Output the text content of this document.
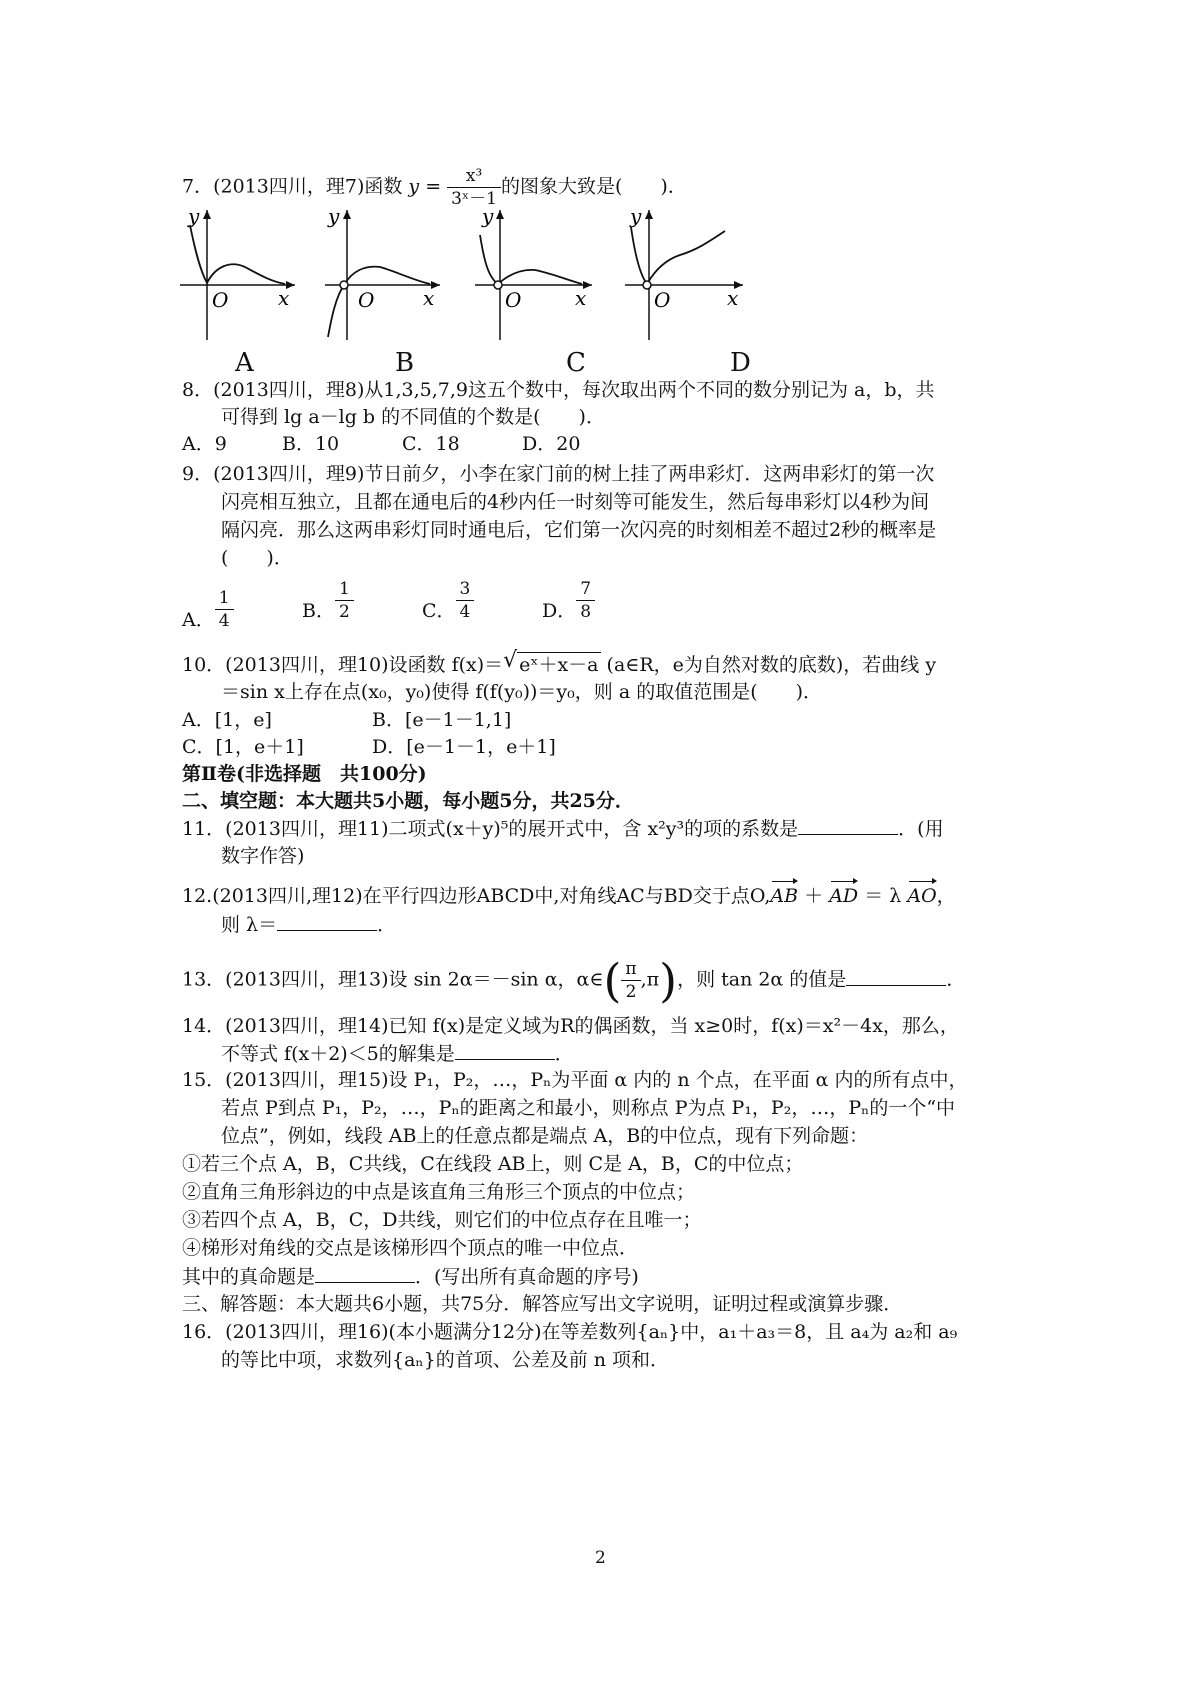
7．(2013四川，理7)函数 $y = \frac{\text{x³}}{\text{3ˣ－1}}$ 的图象大致是(　　)．
y
x
O
y
x
O
y
x
O
y
x
O
A	B	C	D
8．(2013四川，理8)从1,3,5,7,9这五个数中，每次取出两个不同的数分别记为 a，b，共
可得到 lg a－lg b 的不同值的个数是(　　)．
A．9	B．10	C．18	D．20
9．(2013四川，理9)节日前夕，小李在家门前的树上挂了两串彩灯．这两串彩灯的第一次
闪亮相互独立，且都在通电后的4秒内任一时刻等可能发生，然后每串彩灯以4秒为间
隔闪亮．那么这两串彩灯同时通电后，它们第一次闪亮的时刻相差不超过2秒的概率是
(　　)．
A． $\frac{1}{4}$	B． $\frac{1}{2}$	C． $\frac{3}{4}$	D． $\frac{7}{8}$
10．(2013四川，理10)设函数 f(x)＝ √ eˣ＋x－a (a∈R，e为自然对数的底数)，若曲线 y
＝sin x上存在点(x₀，y₀)使得 f(f(y₀))＝y₀，则 a 的取值范围是(　　)．
A．[1，e]	B．[e－1－1,1]
C．[1，e＋1]	D．[e－1－1，e＋1]
第Ⅱ卷(非选择题　共100分)
二、填空题：本大题共5小题，每小题5分，共25分．
11．(2013四川，理11)二项式(x＋y)⁵的展开式中，含 x²y³的项的系数是	．(用
数字作答)
12.(2013四川,理12)在平行四边形ABCD中,对角线AC与BD交于点O,AB ＋ AD ＝ λ AO，
则 λ＝	．
13．(2013四川，理13)设 sin 2α＝－sin α，α∈( $\frac{\pi}{2} ,\pi$)，则 tan 2α 的值是	．
14．(2013四川，理14)已知 f(x)是定义域为R的偶函数，当 x≥0时，f(x)＝x²－4x，那么，
不等式 f(x＋2)＜5的解集是	．
15．(2013四川，理15)设 P₁，P₂，…，Pₙ为平面 α 内的 n 个点，在平面 α 内的所有点中，
若点 P到点 P₁，P₂，…，Pₙ的距离之和最小，则称点 P为点 P₁，P₂，…，Pₙ的一个“中
位点”，例如，线段 AB上的任意点都是端点 A，B的中位点，现有下列命题：
①若三个点 A，B，C共线，C在线段 AB上，则 C是 A，B，C的中位点；
②直角三角形斜边的中点是该直角三角形三个顶点的中位点；
③若四个点 A，B，C，D共线，则它们的中位点存在且唯一；
④梯形对角线的交点是该梯形四个顶点的唯一中位点．
其中的真命题是	．(写出所有真命题的序号)
三、解答题：本大题共6小题，共75分．解答应写出文字说明，证明过程或演算步骤．
16．(2013四川，理16)(本小题满分12分)在等差数列{aₙ}中，a₁＋a₃＝8，且 a₄为 a₂和 a₉
的等比中项，求数列{aₙ}的首项、公差及前 n 项和．
2
